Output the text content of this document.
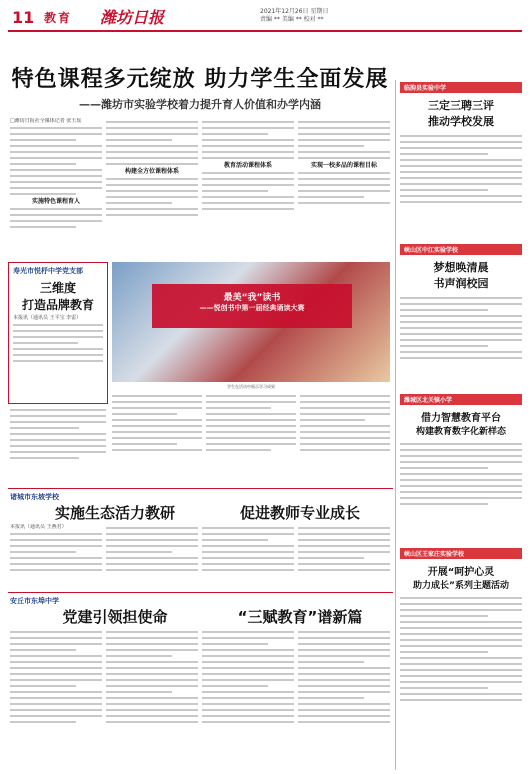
11 教育 潍坊日报	2021年12月26日 星期日
责编 ** 美编 ** 校对 **
特色课程多元绽放 助力学生全面发展
——潍坊市实验学校着力提升育人价值和办学内涵
□潍坊日报社全媒体记者 张玉瑶
实施特色课程育人
构建全方位课程体系
教育活动课程体系	实现一校多品的课程目标
寿光市悦杼中学党支部
三维度
打造品牌教育
本报讯（通讯员 王平宝 李雷）
最美“我”读书
——悦创书中第一届经典诵读大赛
学生在活动中展示学习成果
诸城市东坡学校
实施生态活力教研	促进教师专业成长
本报讯（通讯员 王燕君）
安丘市东埠中学
党建引领担使命	“三赋教育”谱新篇
临朐县实验中学
三定三聘三评
推动学校发展
峡山区中江实验学校
梦想唤清晨
书声润校园
潍城区北关镇小学
借力智慧教育平台
构建教育数字化新样态
峡山区王家庄实验学校
开展“呵护心灵
助力成长”系列主题活动
